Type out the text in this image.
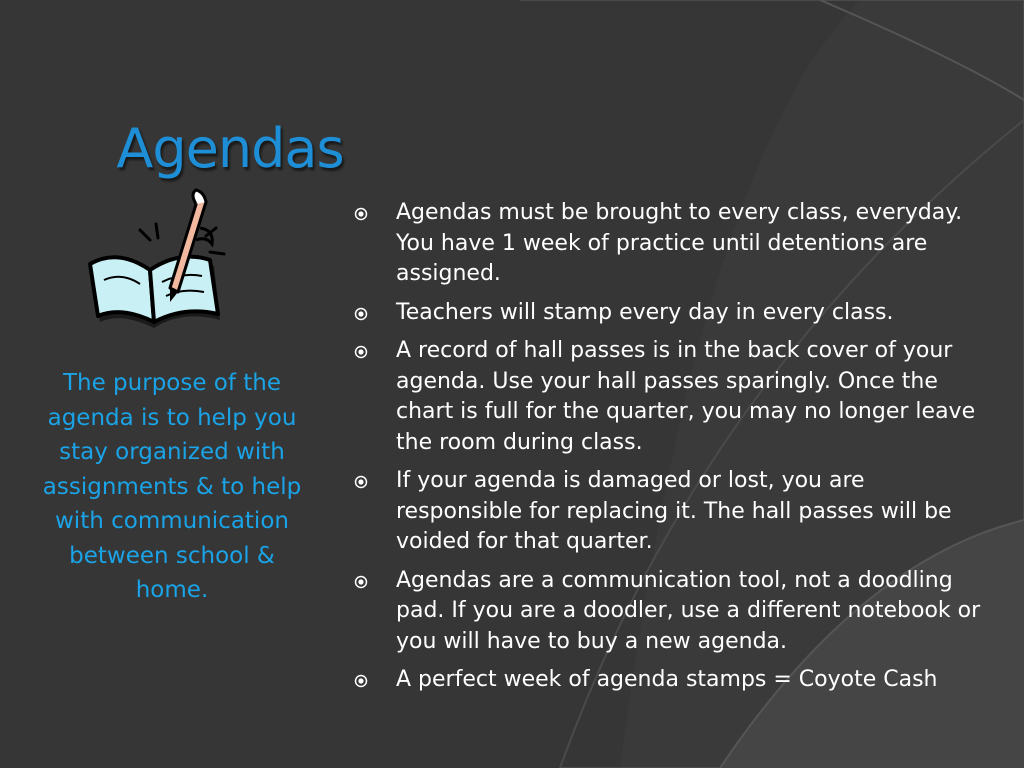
Agendas
The purpose of the agenda is to help you stay organized with assignments & to help with communication between school & home.
Agendas must be brought to every class, everyday. You have 1 week of practice until detentions are assigned.
Teachers will stamp every day in every class.
A record of hall passes is in the back cover of your agenda. Use your hall passes sparingly. Once the chart is full for the quarter, you may no longer leave the room during class.
If your agenda is damaged or lost, you are responsible for replacing it. The hall passes will be voided for that quarter.
Agendas are a communication tool, not a doodling pad. If you are a doodler, use a different notebook or you will have to buy a new agenda.
A perfect week of agenda stamps = Coyote Cash
